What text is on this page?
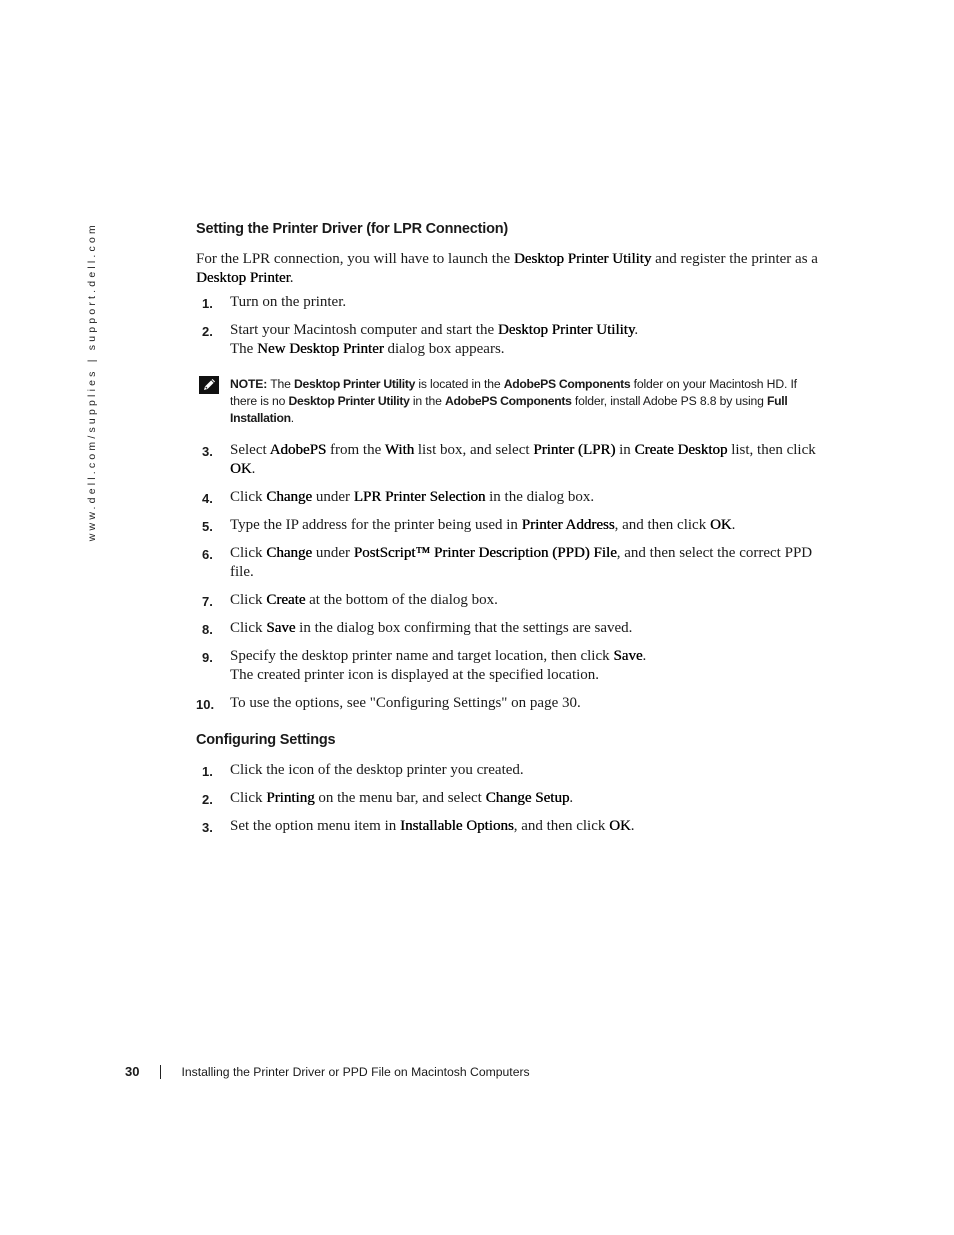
www.dell.com/supplies | support.dell.com	Setting the Printer Driver (for LPR Connection)

For the LPR connection, you will have to launch the Desktop Printer Utility and register the printer as a Desktop Printer.

1. Turn on the printer.
2. Start your Macintosh computer and start the Desktop Printer Utility.
The New Desktop Printer dialog box appears.
NOTE: The Desktop Printer Utility is located in the AdobePS Components folder on your Macintosh HD. If there is no Desktop Printer Utility in the AdobePS Components folder, install Adobe PS 8.8 by using Full Installation.
3. Select AdobePS from the With list box, and select Printer (LPR) in Create Desktop list, then click OK.
4. Click Change under LPR Printer Selection in the dialog box.
5. Type the IP address for the printer being used in Printer Address, and then click OK.
6. Click Change under PostScript™ Printer Description (PPD) File, and then select the correct PPD file.
7. Click Create at the bottom of the dialog box.
8. Click Save in the dialog box confirming that the settings are saved.
9. Specify the desktop printer name and target location, then click Save.
The created printer icon is displayed at the specified location.
10. To use the options, see "Configuring Settings" on page 30.
Configuring Settings
1. Click the icon of the desktop printer you created.
2. Click Printing on the menu bar, and select Change Setup.
3. Set the option menu item in Installable Options, and then click OK.
30	Installing the Printer Driver or PPD File on Macintosh Computers
